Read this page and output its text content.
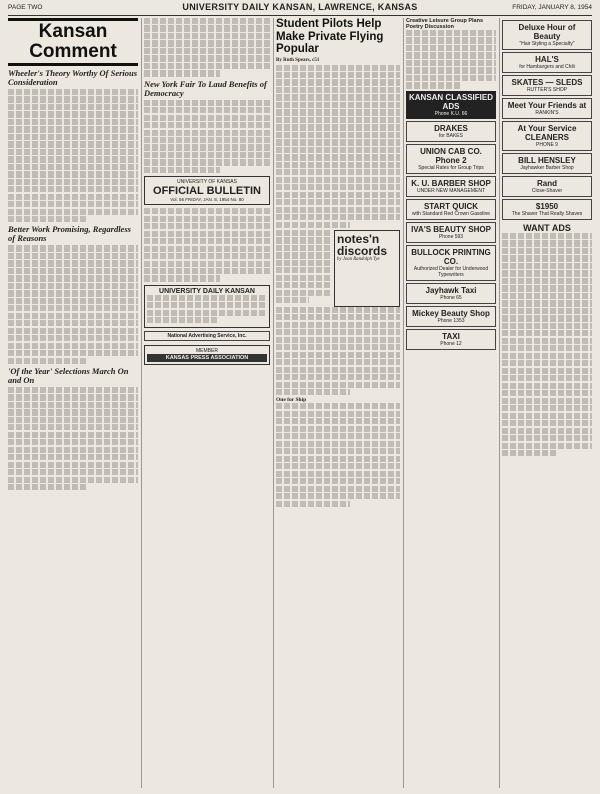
PAGE TWO	UNIVERSITY DAILY KANSAN, LAWRENCE, KANSAS	FRIDAY, JANUARY 8, 1954
Kansan Comment
Wheeler's Theory Worthy Of Serious Consideration
Better Work Promising, Regardless of Reasons
'Of the Year' Selections March On and On
New York Fair To Laud Benefits of Democracy
UNIVERSITY OF KANSAS
OFFICIAL BULLETIN
Vol. 56 FRIDAY, JAN. 8, 1954 No. 80
UNIVERSITY DAILY KANSAN
National Advertising Service, Inc.
MEMBER
KANSAS PRESS ASSOCIATION
Student Pilots Help Make Private Flying Popular
By Ruth Spears, c51
notes'n discords
by Joan Randolph Tye
One for Ship
Creative Leisure Group Plans Poetry Discussion
KANSAN CLASSIFIED ADS
Phone K.U. 66
DRAKES
for BAKES
UNION CAB CO. Phone 2
Special Rates for Group Trips
K. U. BARBER SHOP
UNDER NEW MANAGEMENT
START QUICK
with Standard Red Crown Gasoline
IVA'S BEAUTY SHOP
Phone 593
BULLOCK PRINTING CO.
Authorized Dealer for Underwood Typewriters
Jayhawk Taxi
Phone 65
Mickey Beauty Shop
Phone 1353
TAXI
Phone 12
Deluxe Hour of Beauty
"Hair Styling a Specialty"
HAL'S
for Hamburgers and Chili
SKATES — SLEDS
RUTTER'S SHOP
Meet Your Friends at
RANKIN'S
At Your Service CLEANERS
PHONE 9
BILL HENSLEY
Jayhawker Barber Shop
Rand
Close-Shaver
$1950
The Shaver That Really Shaves
WANT ADS
